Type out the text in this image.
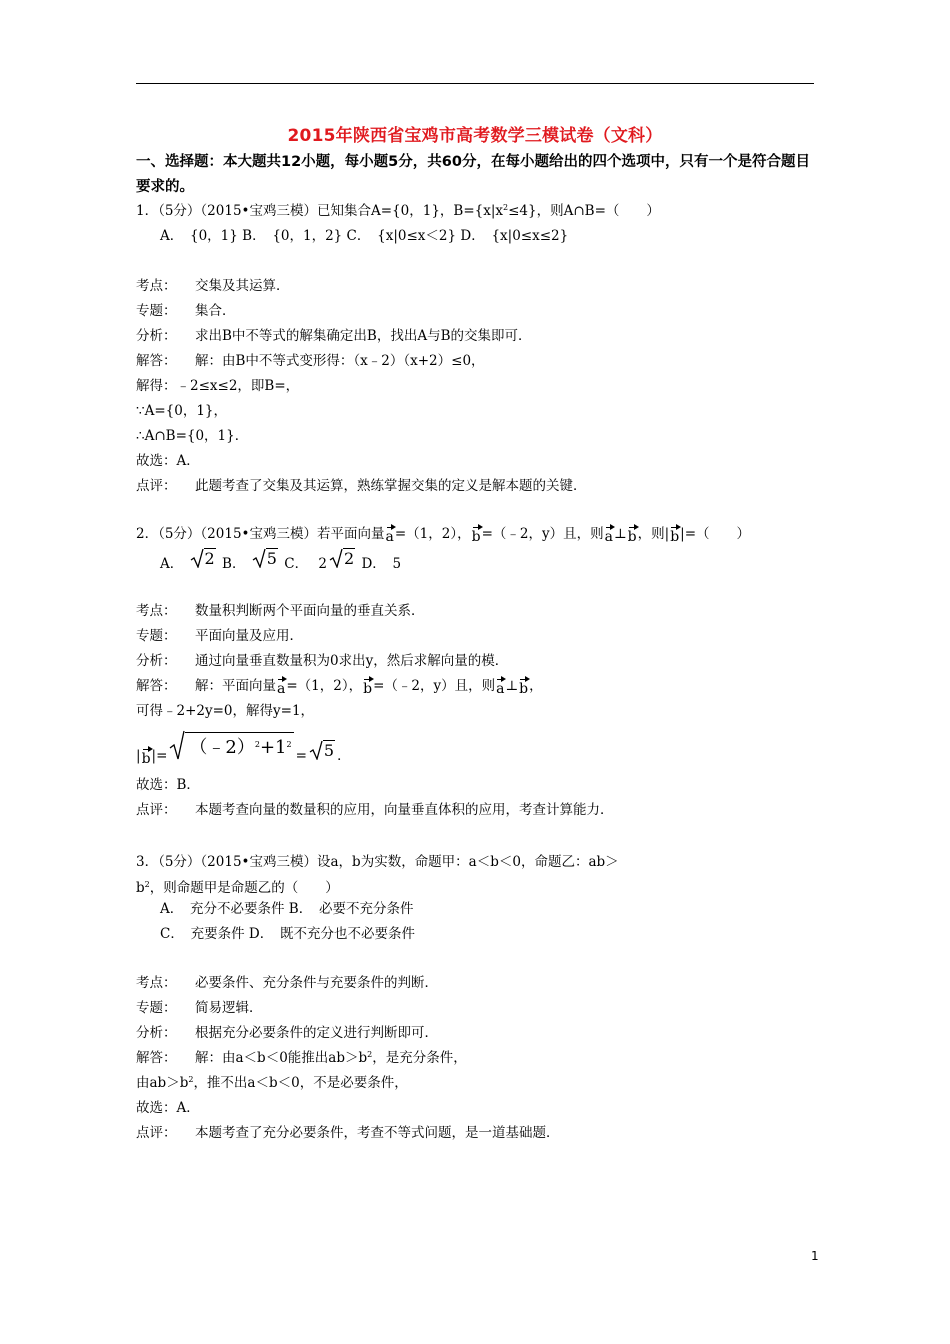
2015年陕西省宝鸡市高考数学三模试卷（文科）
一、选择题：本大题共12小题，每小题5分，共60分，在每小题给出的四个选项中，只有一个是符合题目要求的。
1．（5分）（2015•宝鸡三模）已知集合A={0，1}，$B=\{x|x^2\le 4\}$，则A∩B=（　　）
A．　{0，1} B．　{0，1，2} C．　{x|0≤x＜2} D．　{x|0≤x≤2}
考点： 交集及其运算．
专题： 集合．
分析： 求出B中不等式的解集确定出B，找出A与B的交集即可．
解答： 解：由B中不等式变形得：（x﹣2）（x+2）≤0，
解得：﹣2≤x≤2，即B=，
∵A={0，1}，
∴A∩B={0，1}．
故选：A．
点评： 此题考查了交集及其运算，熟练掌握交集的定义是解本题的关键．
2．（5分）（2015•宝鸡三模）若平面向量a=（1，2），b=（﹣2，y）且，则a⊥b，则|b|=（　　）
A． 2 B． 5 C． 2 2 D．　5
考点： 数量积判断两个平面向量的垂直关系．
专题： 平面向量及应用．
分析： 通过向量垂直数量积为0求出y，然后求解向量的模．
解答： 解：平面向量a=（1，2），b=（﹣2，y）且，则a⊥b，
可得﹣2+2y=0，解得y=1，
$|b|= (﹣2)^2+1^2$
= 5 ．
故选：B．
点评： 本题考查向量的数量积的应用，向量垂直体积的应用，考查计算能力．
3．（5分）（2015•宝鸡三模）设a，b为实数，命题甲：a＜b＜0，命题乙：$ab>b^2$，则命题甲是命题乙的（　　）
A．　充分不必要条件 B．　必要不充分条件
C．　充要条件 D．　既不充分也不必要条件
考点： 必要条件、充分条件与充要条件的判断．
专题： 简易逻辑．
分析： 根据充分必要条件的定义进行判断即可．
解答： 解：由a＜b＜0能推出$ab>b^2$，是充分条件，
由$ab>b^2$，推不出a＜b＜0，不是必要条件，
故选：A．
点评： 本题考查了充分必要条件，考查不等式问题，是一道基础题．
1
